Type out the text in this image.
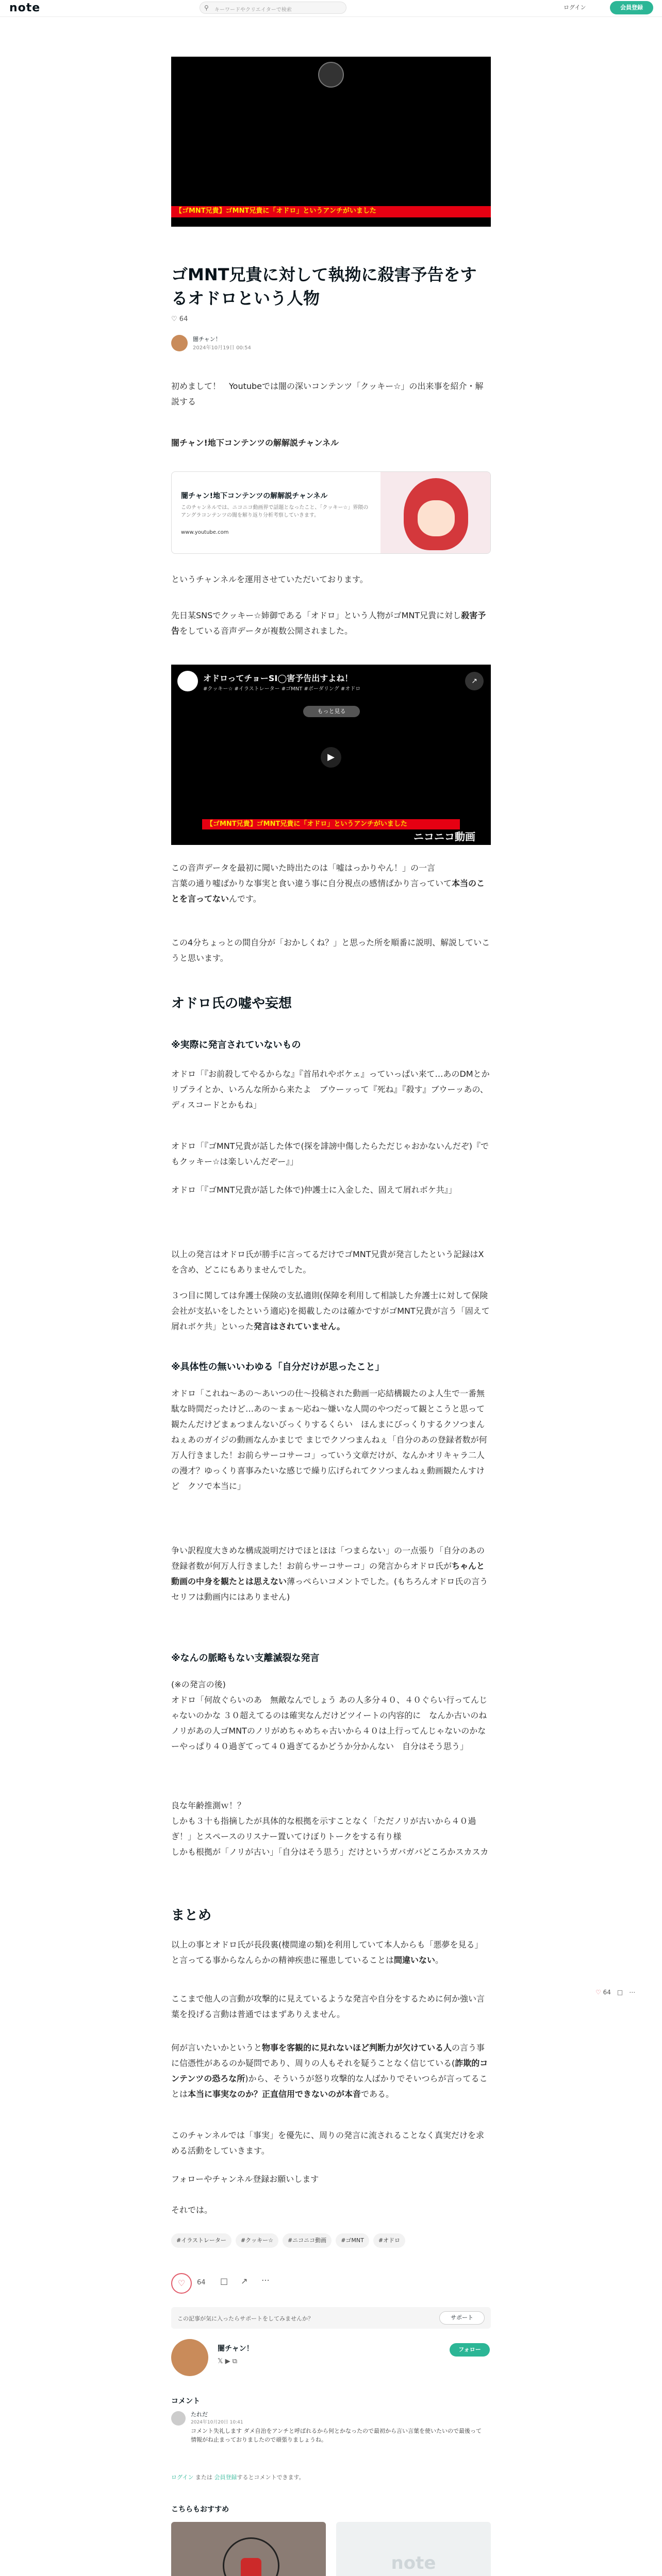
note	⚲ キーワードやクリエイターで検索	ログイン	会員登録
【ゴMNT兄貴】ゴMNT兄貴に「オドロ」というアンチがいました
ゴMNT兄貴に対して執拗に殺害予告をするオドロという人物
♡ 64
闇チャン！
2024年10月19日 00:54
初めまして！　Youtubeでは闇の深いコンテンツ「クッキー☆」の出来事を紹介・解説する
闇チャン!地下コンテンツの解解説チャンネル
闇チャン!地下コンテンツの解解説チャンネル
このチャンネルでは、ニコニコ動画界で話題となったこと、「クッキー☆」界隈のアングラコンテンツの闇を解り返り分析考察していきます。
www.youtube.com
というチャンネルを運用させていただいております。
先日某SNSでクッキー☆姉御である「オドロ」という人物がゴMNT兄貴に対し殺害予告をしている音声データが複数公開されました。
オドロってチョーSI◯害予告出すよね！
#クッキー☆ #イラストレーター #ゴMNT #ボーダリング #オドロ
↗
もっと見る
▶
【ゴMNT兄貴】ゴMNT兄貴に「オドロ」というアンチがいました
ニコニコ動画
この音声データを最初に聞いた時出たのは「嘘はっかりやん！」の一言
言葉の通り嘘ばかりな事実と食い違う事に自分視点の感情ばかり言っていて本当のことを言ってないんです。
この4分ちょっとの間自分が「おかしくね？」と思った所を順番に説明、解説していこうと思います。
オドロ氏の嘘や妄想
※実際に発言されていないもの
オドロ「『お前殺してやるからな』『首吊れやボケェ』っていっぱい来て…あのDMとかリプライとか、いろんな所から来たよ　ブウーッって『死ね』『殺す』ブウーッあの、ディスコードとかもね」
オドロ「『ゴMNT兄貴が話した体で(探を誹謗中傷したらただじゃおかないんだぞ)『でもクッキー☆は楽しいんだぞー』」
オドロ「『ゴMNT兄貴が話した体で)仲護士に入金した、固えて屑れボケ共』」
以上の発言はオドロ氏が勝手に言ってるだけでゴMNT兄貴が発言したという記録はXを含め、どこにもありませんでした。
３つ目に関しては弁護士保険の支払適則(保障を利用して相談した弁護士に対して保険会社が支払いをしたという適応)を掲載したのは確かですがゴMNT兄貴が言う「固えて屑れボケ共」といった発言はされていません。
※具体性の無いいわゆる「自分だけが思ったこと」
オドロ「これね〜あの〜あいつの仕〜投稿された動画一応結構観たのよ人生で一番無駄な時間だったけど…あの〜まぁ〜応ね〜嫌いな人間のやつだって観とこうと思って観たんだけどまぁつまんないびっくりするくらい　ほんまにびっくりするクソつまんねぇあのガイジの動画なんかまじで まじでクソつまんねぇ「自分のあの登録者数が何万人行きました！お前らサーコサーコ」っていう文章だけが、なんかオリキャラ二人の漫才？ゆっくり喜事みたいな感じで繰り広げられてクソつまんねぇ動画観たんすけど　クソで本当に」
争い訳程度大きめな構成説明だけでほとほは「つまらない」の一点張り「自分のあの登録者数が何万人行きました！お前らサーコサーコ」の発言からオドロ氏がちゃんと動画の中身を観たとは思えない薄っぺらいコメントでした。(もちろんオドロ氏の言うセリフは動画内にはありません)
※なんの脈略もない支離滅裂な発言
(※の発言の後)
オドロ「何故ぐらいのあ　無敵なんでしょう あの人多分４０、４０ぐらい行ってんじゃないのかな ３０超えてるのは確実なんだけどツイートの内容的に　なんか古いのね　ノリがあの人ゴMNTのノリがめちゃめちゃ古いから４０は上行ってんじゃないのかなーやっぱり４０過ぎてって４０過ぎてるかどうか分かんない　自分はそう思う」
良な年齢推測ｗ！？
しかも３十も指摘したが具体的な根拠を示すことなく「ただノリが古いから４０過ぎ！」とスペースのリスナー置いてけぼりトークをする有り様
しかも根拠が「ノリが古い」「自分はそう思う」だけというガバガバどころかスカスカ
まとめ
以上の事とオドロ氏が長段裏(棲間違の類)を利用していて本人からも「悪夢を見る」と言ってる事からなんらかの精神疾患に罹患していることは間違いない。
ここまで他人の言動が攻撃的に見えているような発言や自分をするために何か強い言葉を投げる言動は普通ではまずありえません。
何が言いたいかというと物事を客観的に見れないほど判断力が欠けている人の言う事に信憑性があるのか疑問であり、周りの人もそれを疑うことなく信じている(詐欺的コンテンツの恐ろな所)から、そういうが怒り攻撃的な人ばかりでそいつらが言ってることは本当に事実なのか？正直信用できないのが本音である。
このチャンネルでは「事実」を優先に、周りの発言に流されることなく真実だけを求める活動をしていきます。
フォローやチャンネル登録お願いします
それでは。
#イラストレーター	#クッキー☆	#ニコニコ動画	#ゴMNT	#オドロ
♡	64 □ ↗ ⋯
この記事が気に入ったらサポートをしてみませんか？	サポート
闇チャン！
𝕏 ▶ ⧉
フォロー
コメント
たれだ
2024年10月20日 10:41
コメント失礼します ダメ自治をアンチと呼ばれるから何とかなったので最初から言い言葉を使いたいので最後って情報がね止まっておりましたので頑張りましょうね。
ログイン または 会員登録するとコメントできます。
こちらもおすすめ
note
♡ 64 □ ⋯
